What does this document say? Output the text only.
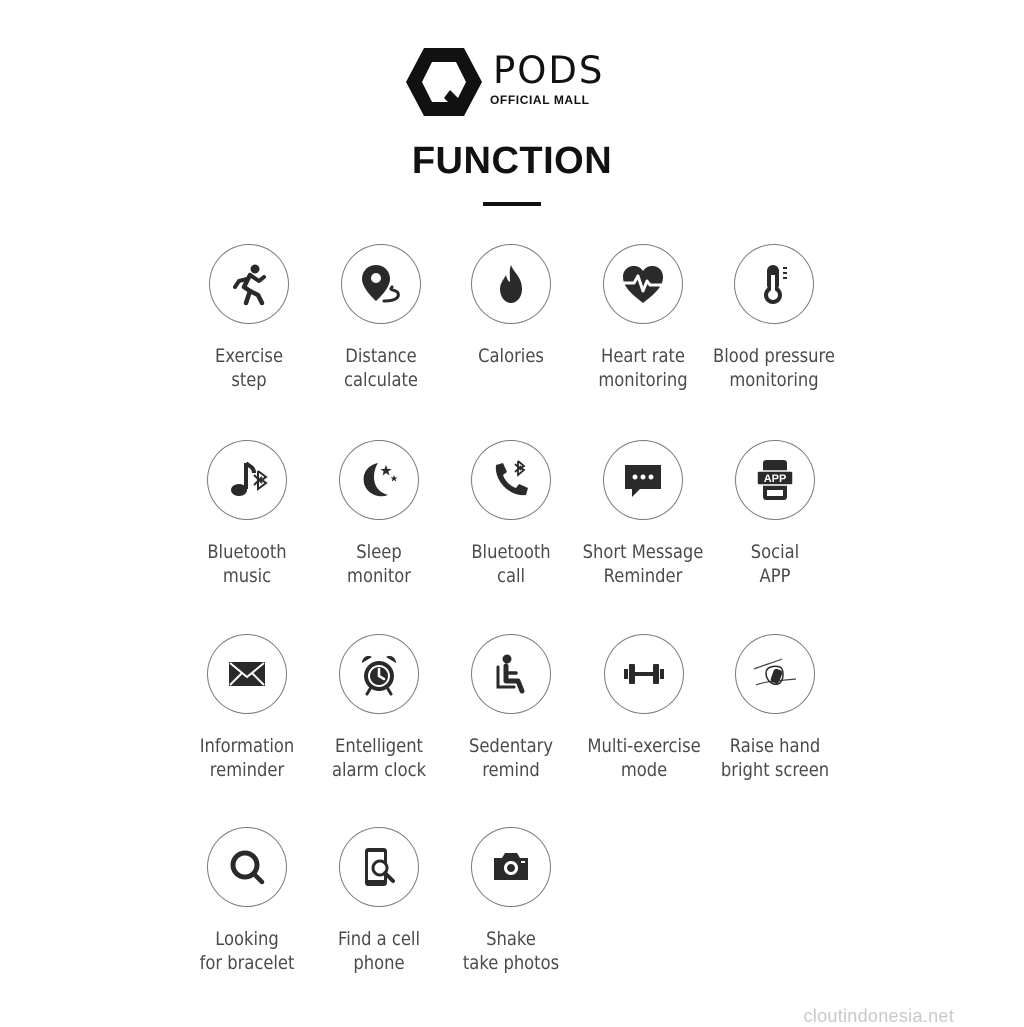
PODS
OFFICIAL MALL
FUNCTION
Exercise
step
Distance
calculate
Calories	Heart rate
monitoring
Blood pressure
monitoring
Bluetooth
music
Sleep
monitor
Bluetooth
call
Short Message
Reminder
APP
Social
APP
Information
reminder
Entelligent
alarm clock
Sedentary
remind
Multi-exercise
mode
Raise hand
bright screen
Looking
for bracelet
Find a cell
phone
Shake
take photos
cloutindonesia.net
